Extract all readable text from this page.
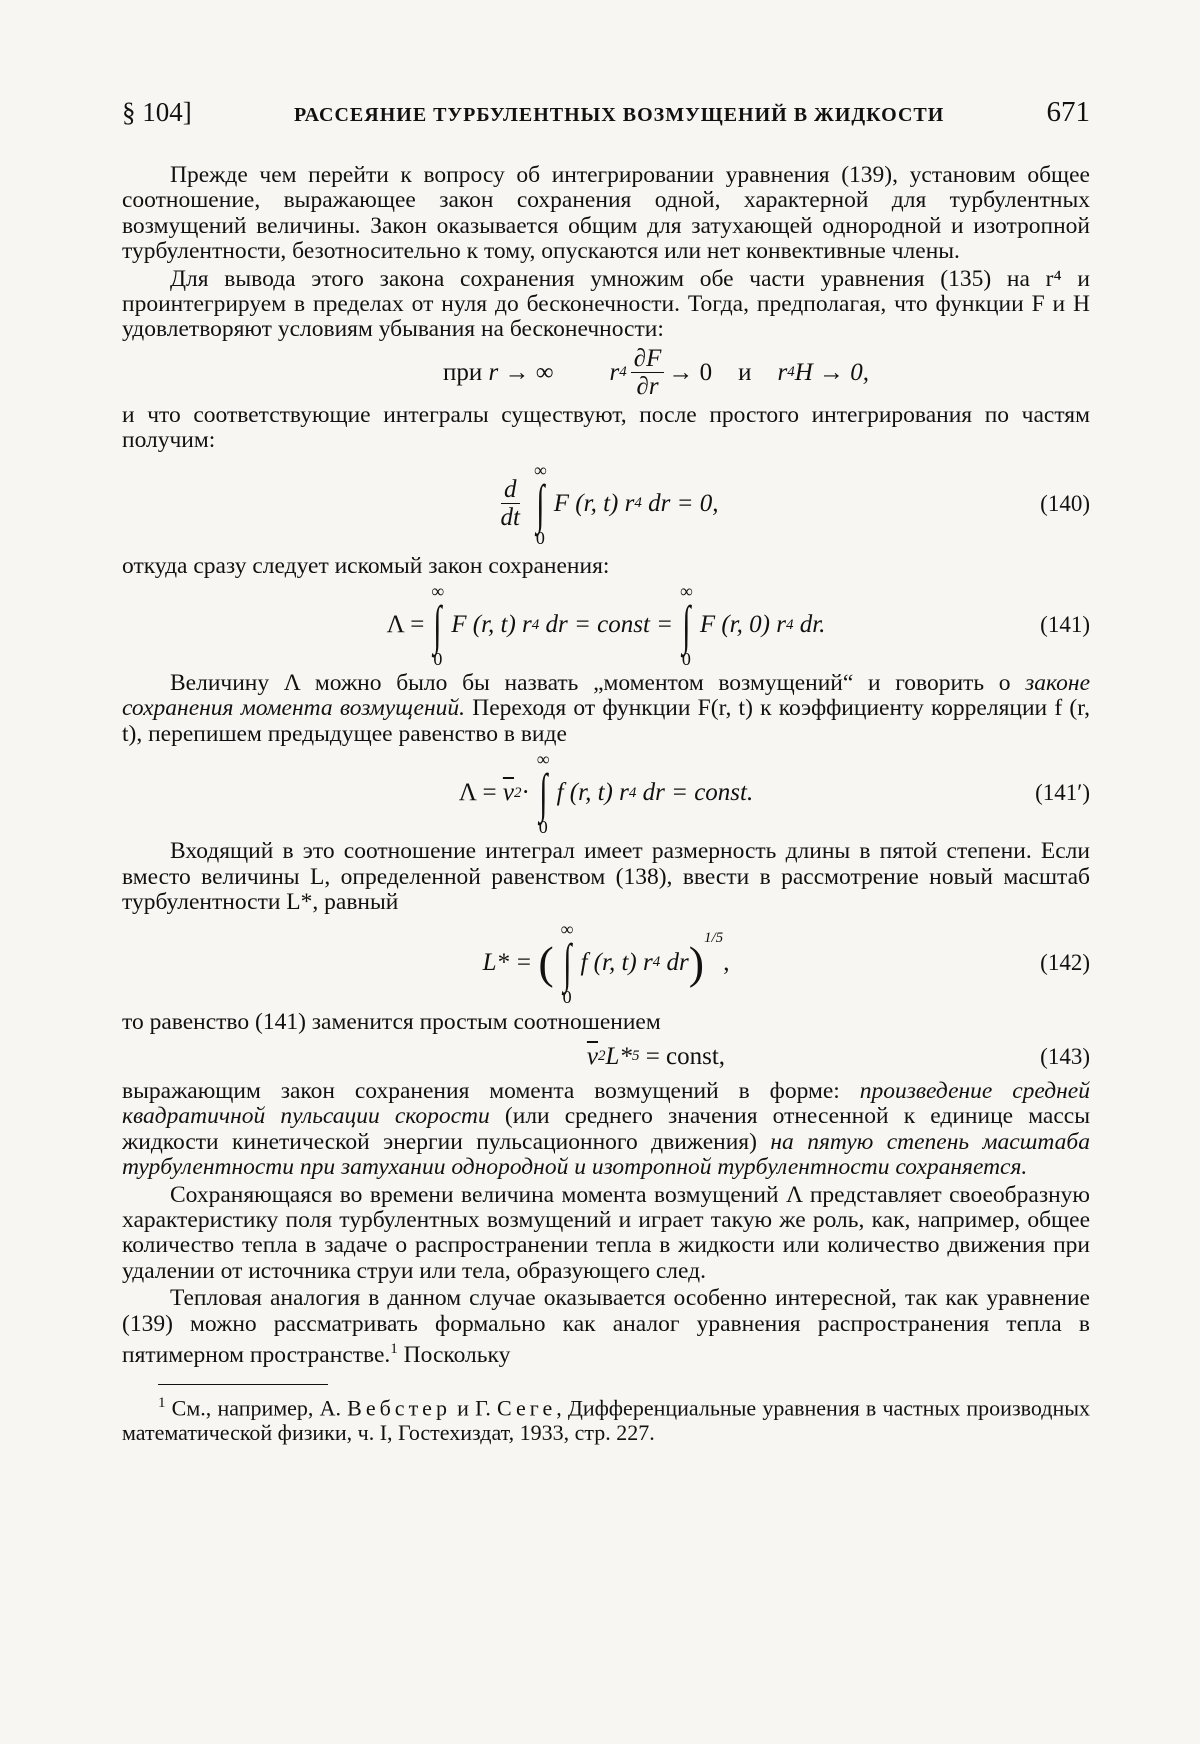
§ 104]	РАССЕЯНИЕ ТУРБУЛЕНТНЫХ ВОЗМУЩЕНИЙ В ЖИДКОСТИ	671

Прежде чем перейти к вопросу об интегрировании уравнения (139), установим общее соотношение, выражающее закон сохранения одной, характерной для турбулентных возмущений величины. Закон оказывается общим для затухающей однородной и изотропной турбулентности, безотносительно к тому, опускаются или нет конвективные члены.

Для вывода этого закона сохранения умножим обе части уравнения (135) на r⁴ и проинтегрируем в пределах от нуля до бесконечности. Тогда, предполагая, что функции F и H удовлетворяют условиям убывания на бесконечности:

при
r
→ ∞ r $4 \frac{\partial F}{\partial r} \to 0$ и r 4 H → 0,

и что соответствующие интегралы существуют, после простого интегрирования по частям получим:

$\frac{d}{dt}$
∞
∫
0
F (r, t) r 4
dr = 0,	(140)

откуда сразу следует искомый закон сохранения:

Λ =
∞
∫
0
F (r, t) r 4
dr = const =
∞
∫
0
F (r, 0) r 4
dr.	(141)

Величину Λ можно было бы назвать „моментом возмущений“ и говорить о законе сохранения момента возмущений. Переходя от функции F(r, t) к коэффициенту корреляции f (r, t), перепишем предыдущее равенство в виде

Λ =
$\overline{v}$ 2 ·
∞
∫
0
f (r, t) r 4
dr = const.	(141′)

Входящий в это соотношение интеграл имеет размерность длины в пятой степени. Если вместо величины L, определенной равенством (138), ввести в рассмотрение новый масштаб турбулентности L*, равный

L* =
(
∞
∫
0
f (r, t) r 4
dr )$^{1/5}$
,	(142)

то равенство (141) заменится простым соотношением

$\overline{v}$ 2 L* 5
= const,	(143)

выражающим закон сохранения момента возмущений в форме: произведение средней квадратичной пульсации скорости (или среднего значения отнесенной к единице массы жидкости кинетической энергии пульсационного движения) на пятую степень масштаба турбулентности при затухании однородной и изотропной турбулентности сохраняется.

Сохраняющаяся во времени величина момента возмущений Λ представляет своеобразную характеристику поля турбулентных возмущений и играет такую же роль, как, например, общее количество тепла в задаче о распространении тепла в жидкости или количество движения при удалении от источника струи или тела, образующего след.

Тепловая аналогия в данном случае оказывается особенно интересной, так как уравнение (139) можно рассматривать формально как аналог уравнения распространения тепла в пятимерном пространстве.$^1$ Поскольку

$^1$ См., например, А. Вебстер и Г. Сеге, Дифференциальные уравнения в частных производных математической физики, ч. I, Гостехиздат, 1933, стр. 227.
